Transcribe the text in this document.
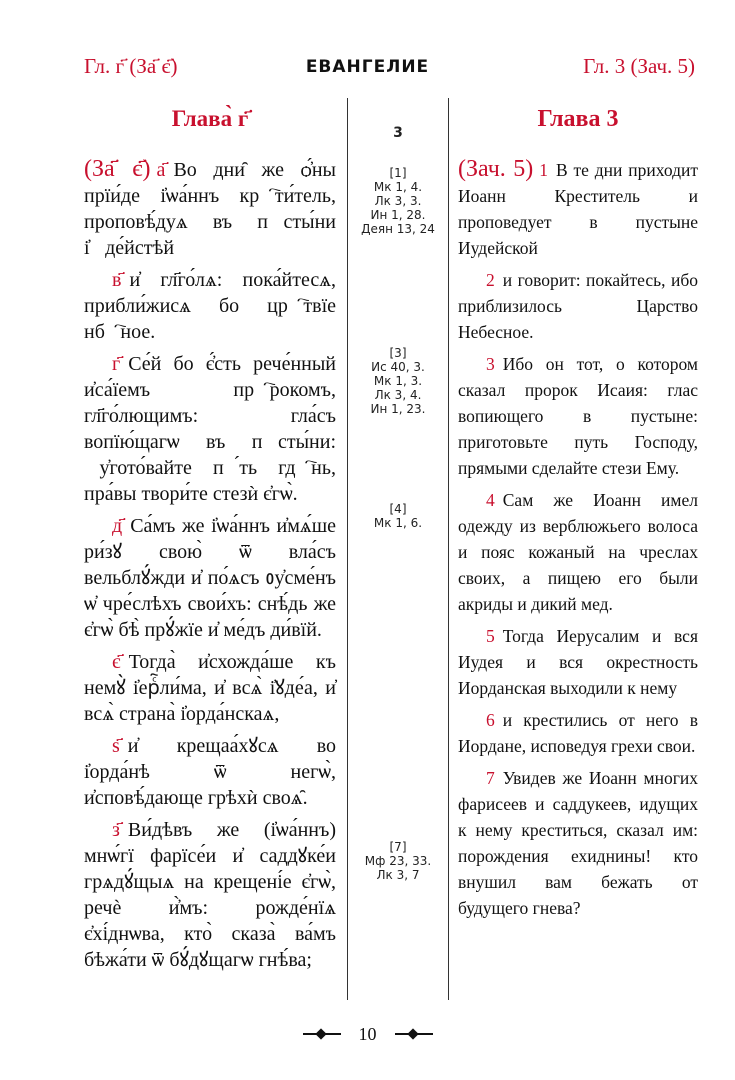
Гл. г҃ (За҃ є҃)	ЕВАНГЕЛИЕ	Гл. 3 (Зач. 5)
Глава̀ г҃

(За҃ є҃) а҃ Во дни̑ же ѻ҆́ны прїи́де і҆ѡа́ннъ крⷭ҇ти́тель, проповѣ́дуѧ въ пꙋсты́ни і҆ꙋде́йстѣй

в҃ и҆ гл҃го́лѧ: пока́йтесѧ, прибли́жисѧ бо црⷭ҇твїе нбⷭ҇ное.

г҃ Се́й бо є҆́сть рече́нный и҆са́їемъ прⷪ҇рокомъ, гл҃го́лющимъ: гла́съ вопїю́щагѡ въ пꙋсты́ни: ᲂу҆гото́вайте пꙋ́ть гдⷭ҇нь, пра́вы твори́те стезѝ є҆гѡ̀.

д҃ Са́мъ же і҆ѡа́ннъ и҆мѧ́ше ри́зꙋ свою̀ ѿ вла́съ вельблꙋ́жди и҆ по́ѧсъ ᲂу҆сме́нъ ѡ҆ чре́слѣхъ свои́хъ: снѣ́дь же є҆гѡ̀ бѣ̀ прꙋ́жїе и҆ ме́дъ ди́вїй.

є҃ Тогда̀ и҆схожда́ше къ немꙋ̀ і҆ерⷭ҇ли́ма, и҆ всѧ̀ і҆ꙋде́а, и҆ всѧ̀ страна̀ і҆орда́нскаѧ,

ѕ҃ и҆ крещаа́хꙋсѧ во і҆орда́нѣ ѿ негѡ̀, и҆сповѣ́дающе грѣхѝ своѧ̑.

з҃ Ви́дѣвъ же (і҆ѡа́ннъ) мнѡ́гї фарїсе́и и҆ саддꙋке́и грѧдꙋ́щыѧ на крещені́е є҆гѡ̀, речѐ и҆̀мъ: рожде́нїѧ є҆хі́днѡва, кто̀ сказа̀ ва́мъ бѣжа́ти ѿ бꙋ́дꙋщагѡ гнѣ́ва;

3
[1]
Мк 1, 4.
Лк 3, 3.
Ин 1, 28.
Деян 13, 24
[3]
Ис 40, 3.
Мк 1, 3.
Лк 3, 4.
Ин 1, 23.
[4]
Мк 1, 6.
[7]
Мф 23, 33.
Лк 3, 7
Глава 3

(Зач. 5) 1 В те дни приходит Иоанн Креститель и проповедует в пустыне Иудейской

2 и говорит: покайтесь, ибо приблизилось Царство Небесное.

3 Ибо он тот, о котором сказал пророк Исаия: глас вопиющего в пустыне: приготовьте путь Господу, прямыми сделайте стези Ему.

4 Сам же Иоанн имел одежду из верблюжьего волоса и пояс кожаный на чреслах своих, а пищею его были акриды и дикий мед.

5 Тогда Иерусалим и вся Иудея и вся окрестность Иорданская выходили к нему

6 и крестились от него в Иордане, исповедуя грехи свои.

7 Увидев же Иоанн многих фарисеев и саддукеев, идущих к нему креститься, сказал им: порождения ехиднины! кто внушил вам бежать от будущего гнева?

10
